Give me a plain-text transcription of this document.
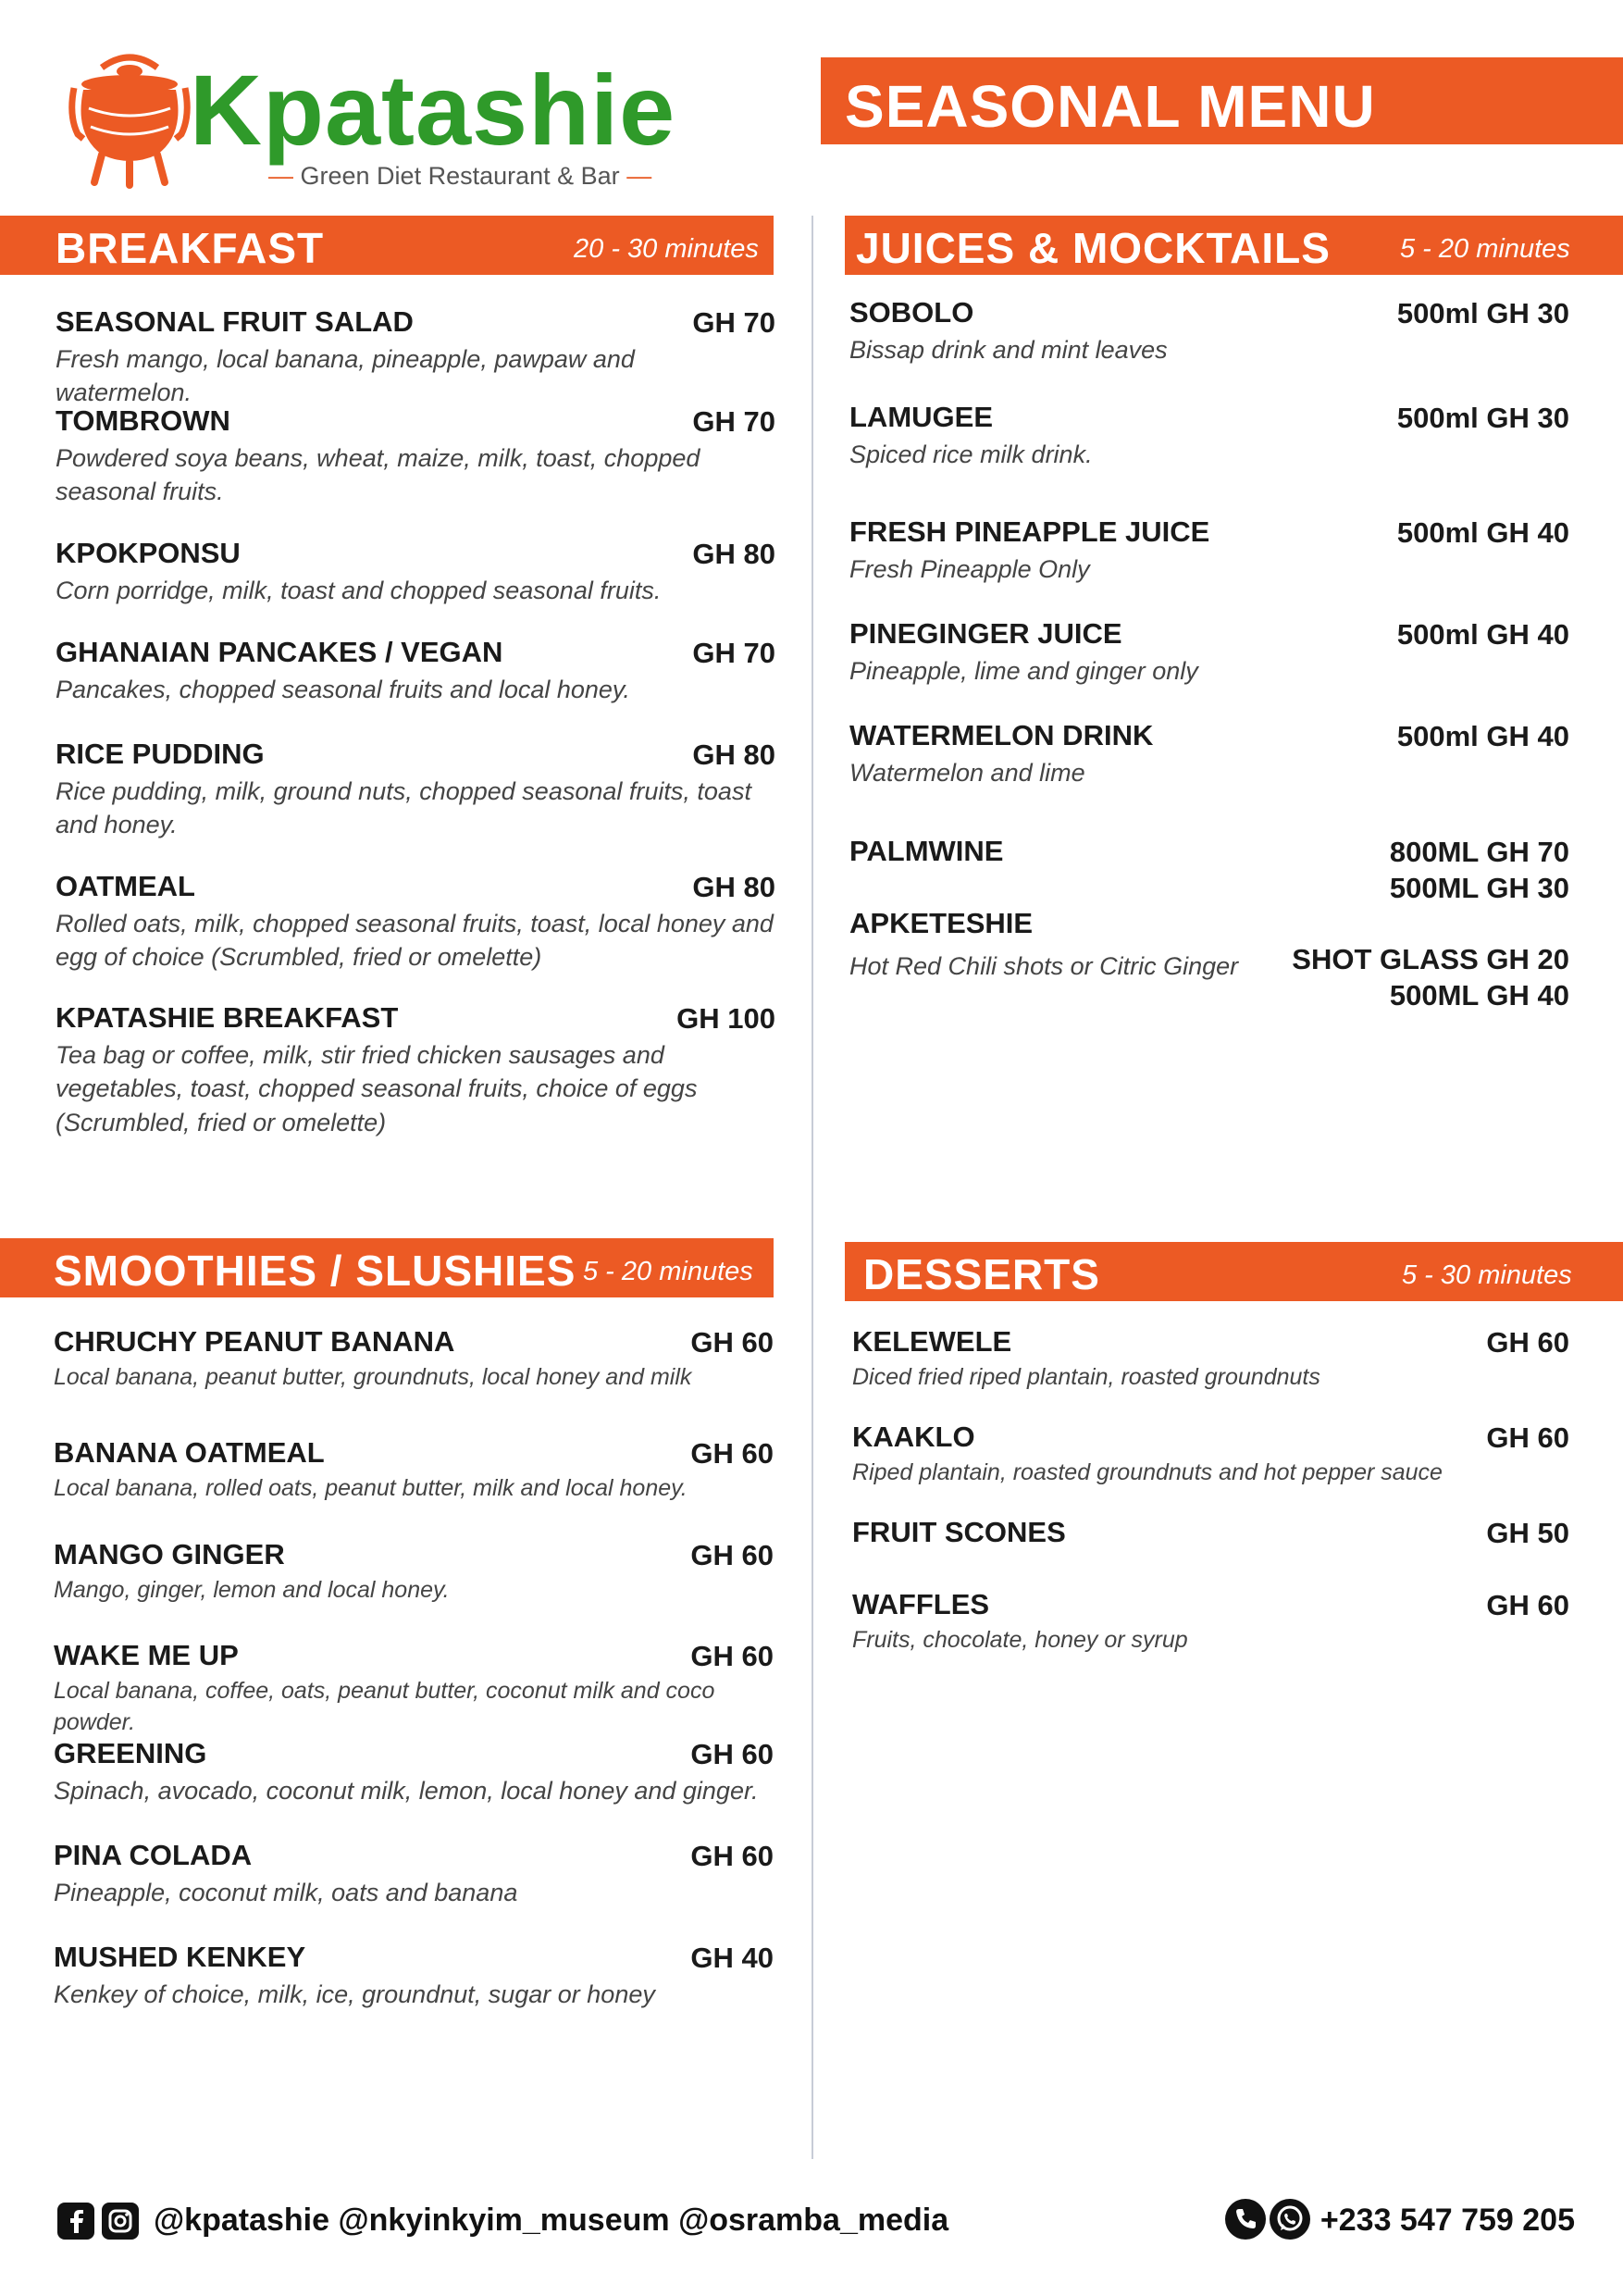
Kpatashie
— Green Diet Restaurant & Bar —
SEASONAL MENU
BREAKFAST	20 - 30 minutes
SEASONAL FRUIT SALAD	GH 70
Fresh mango, local banana, pineapple, pawpaw and watermelon.
TOMBROWN	GH 70
Powdered soya beans, wheat, maize, milk, toast, chopped seasonal fruits.
KPOKPONSU	GH 80
Corn porridge, milk, toast and chopped seasonal fruits.
GHANAIAN PANCAKES / VEGAN	GH 70
Pancakes, chopped seasonal fruits and local honey.
RICE PUDDING	GH 80
Rice pudding, milk, ground nuts, chopped seasonal fruits, toast and honey.
OATMEAL	GH 80
Rolled oats, milk, chopped seasonal fruits, toast, local honey and egg of choice (Scrumbled, fried or omelette)
KPATASHIE BREAKFAST	GH 100
Tea bag or coffee, milk, stir fried chicken sausages and vegetables, toast, chopped seasonal fruits, choice of eggs (Scrumbled, fried or omelette)
JUICES & MOCKTAILS	5 - 20 minutes
SOBOLO	500ml GH 30
Bissap drink and mint leaves
LAMUGEE	500ml GH 30
Spiced rice milk drink.
FRESH PINEAPPLE JUICE	500ml GH 40
Fresh Pineapple Only
PINEGINGER JUICE	500ml GH 40
Pineapple, lime and ginger only
WATERMELON DRINK	500ml GH 40
Watermelon and lime
PALMWINE	800ML GH 70
500ML GH 30
APKETESHIE
SHOT GLASS GH 20
500ML GH 40
Hot Red Chili shots or Citric Ginger
SMOOTHIES / SLUSHIES 5 - 20 minutes
CHRUCHY PEANUT BANANA	GH 60
Local banana, peanut butter, groundnuts, local honey and milk
BANANA OATMEAL	GH 60
Local banana, rolled oats, peanut butter, milk and local honey.
MANGO GINGER	GH 60
Mango, ginger, lemon and local honey.
WAKE ME UP	GH 60
Local banana, coffee, oats, peanut butter, coconut milk and coco powder.
GREENING	GH 60
Spinach, avocado, coconut milk, lemon, local honey and ginger.
PINA COLADA	GH 60
Pineapple, coconut milk, oats and banana
MUSHED KENKEY	GH 40
Kenkey of choice, milk, ice, groundnut, sugar or honey
DESSERTS	5 - 30 minutes
KELEWELE	GH 60
Diced fried riped plantain, roasted groundnuts
KAAKLO	GH 60
Riped plantain, roasted groundnuts and hot pepper sauce
FRUIT SCONES	GH 50
WAFFLES	GH 60
Fruits, chocolate, honey or syrup
@kpatashie @nkyinkyim_museum @osramba_media	+233 547 759 205
